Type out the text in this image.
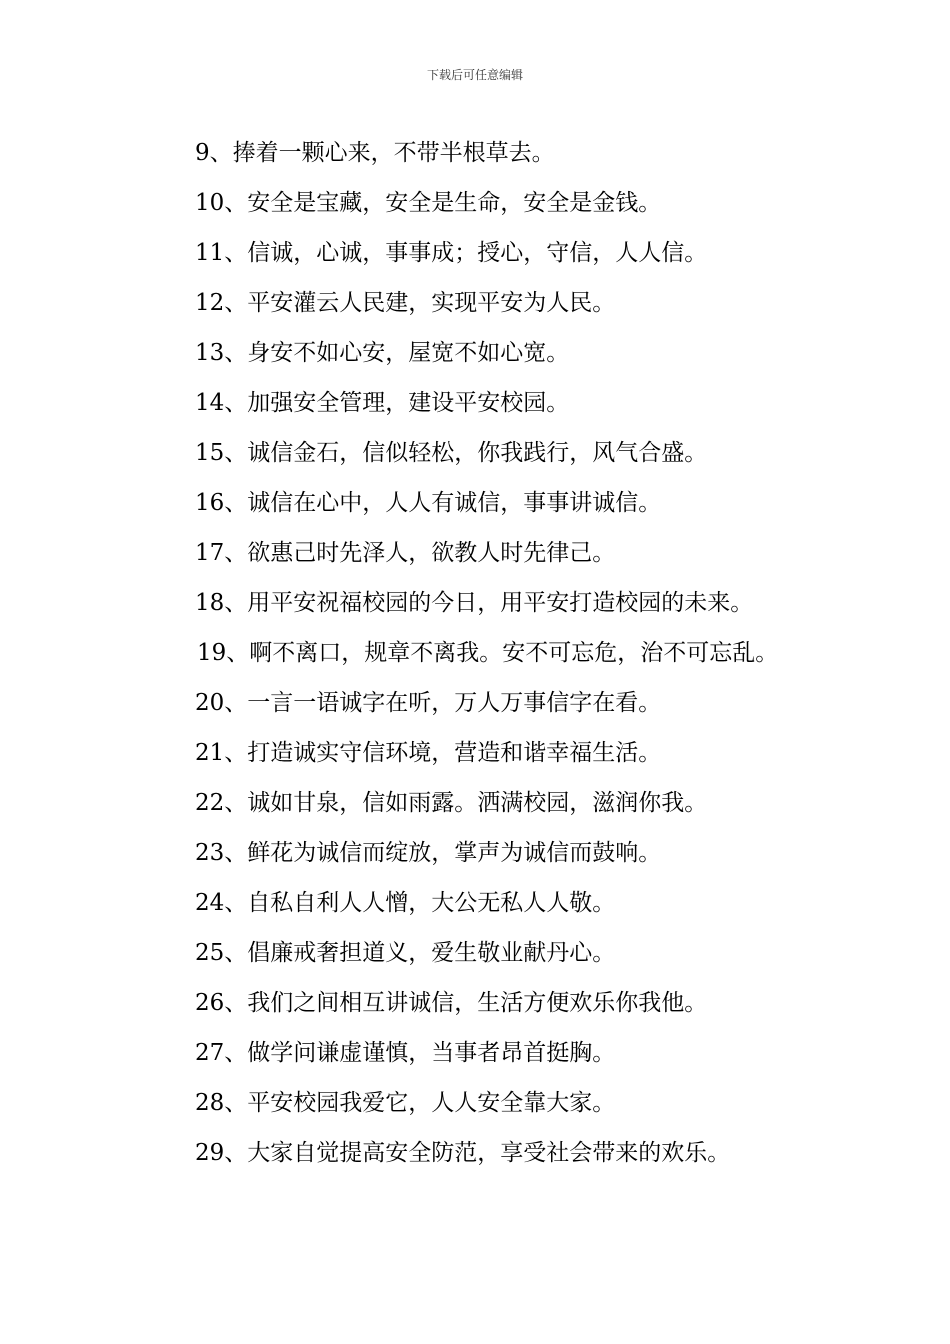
下载后可任意编辑
9、捧着一颗心来，不带半根草去。
10、安全是宝藏，安全是生命，安全是金钱。
11、信诚，心诚，事事成；授心，守信，人人信。
12、平安灌云人民建，实现平安为人民。
13、身安不如心安，屋宽不如心宽。
14、加强安全管理，建设平安校园。
15、诚信金石，信似轻松，你我践行，风气合盛。
16、诚信在心中，人人有诚信，事事讲诚信。
17、欲惠己时先泽人，欲教人时先律己。
18、用平安祝福校园的今日，用平安打造校园的未来。
19、啊不离口，规章不离我。安不可忘危，治不可忘乱。
20、一言一语诚字在听，万人万事信字在看。
21、打造诚实守信环境，营造和谐幸福生活。
22、诚如甘泉，信如雨露。洒满校园，滋润你我。
23、鲜花为诚信而绽放，掌声为诚信而鼓响。
24、自私自利人人憎，大公无私人人敬。
25、倡廉戒奢担道义，爱生敬业献丹心。
26、我们之间相互讲诚信，生活方便欢乐你我他。
27、做学问谦虚谨慎，当事者昂首挺胸。
28、平安校园我爱它，人人安全靠大家。
29、大家自觉提高安全防范，享受社会带来的欢乐。
